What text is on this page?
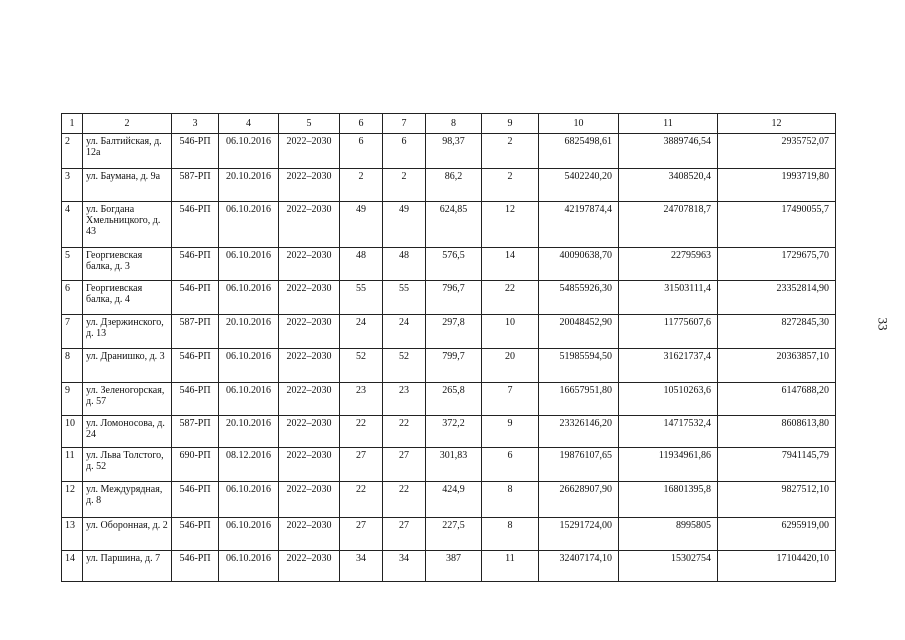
1	2	3	4	5	6	7	8	9	10	11	12
2	ул. Балтийская, д. 12а	546-РП	06.10.2016	2022–2030	6	6	98,37	2	6825498,61	3889746,54	2935752,07
3	ул. Баумана, д. 9а	587-РП	20.10.2016	2022–2030	2	2	86,2	2	5402240,20	3408520,4	1993719,80
4	ул. Богдана Хмельницкого, д. 43	546-РП	06.10.2016	2022–2030	49	49	624,85	12	42197874,4	24707818,7	17490055,7
5	Георгиевская балка, д. 3	546-РП	06.10.2016	2022–2030	48	48	576,5	14	40090638,70	22795963	1729675,70
6	Георгиевская балка, д. 4	546-РП	06.10.2016	2022–2030	55	55	796,7	22	54855926,30	31503111,4	23352814,90
7	ул. Дзержинского, д. 13	587-РП	20.10.2016	2022–2030	24	24	297,8	10	20048452,90	11775607,6	8272845,30
8	ул. Дранишко, д. 3	546-РП	06.10.2016	2022–2030	52	52	799,7	20	51985594,50	31621737,4	20363857,10
9	ул. Зеленогорская, д. 57	546-РП	06.10.2016	2022–2030	23	23	265,8	7	16657951,80	10510263,6	6147688,20
10	ул. Ломоносова, д. 24	587-РП	20.10.2016	2022–2030	22	22	372,2	9	23326146,20	14717532,4	8608613,80
11	ул. Льва Толстого, д. 52	690-РП	08.12.2016	2022–2030	27	27	301,83	6	19876107,65	11934961,86	7941145,79
12	ул. Междурядная, д. 8	546-РП	06.10.2016	2022–2030	22	22	424,9	8	26628907,90	16801395,8	9827512,10
13	ул. Оборонная, д. 2	546-РП	06.10.2016	2022–2030	27	27	227,5	8	15291724,00	8995805	6295919,00
14	ул. Паршина, д. 7	546-РП	06.10.2016	2022–2030	34	34	387	11	32407174,10	15302754	17104420,10
33
